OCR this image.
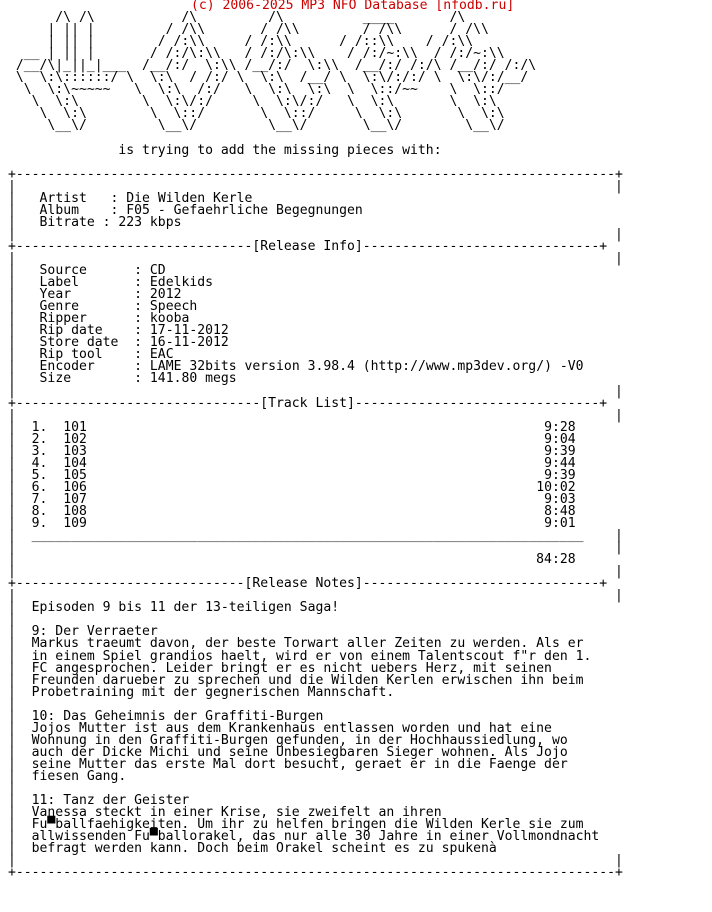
(c) 2006-2025 MP3 NFO Database [nfodb.ru]
/\ /\           /\         /\          ____       /\
| || |         / /\\       / /\\        / /\\      / /\\
| || |        / /:\\     / /:\\      / /::\\    / /:\\
__ | || |       / /:/\:\\   / /:/\:\\    / /:/~:\\  / /:/~:\\
/__/\|_||_|___  /__/:/  \:\\ /__/:/  \:\\  /__/:/ /:/\ /__/:/ /:/\
\  \:\::::::/ \  \:\  / /:/ \  \:\  /__/ \  \:\/:/:/ \  \:\/:/__/
\  \:\~~~~~   \  \:\  /:/   \  \:\  \:\  \  \::/~~    \  \::/
\  \:\        \  \:\/:/     \  \:\/:/   \  \:\       \  \:\
\  \:\        \  \::/       \  \::/     \  \:\       \  \:\
\__\/         \__\/         \__\/       \__\/        \__\/

is trying to add the missing pieces with:

+----------------------------------------------------------------------------+
|                                                                            |
|   Artist   : Die Wilden Kerle
|   Album    : F05 - Gefaehrliche Begegnungen
|   Bitrate : 223 kbps
|                                                                            |
+------------------------------[Release Info]------------------------------+
|                                                                            |
|   Source      : CD
|   Label       : Edelkids
|   Year        : 2012
|   Genre       : Speech
|   Ripper      : kooba
|   Rip date    : 17-11-2012
|   Store date  : 16-11-2012
|   Rip tool    : EAC
|   Encoder     : LAME 32bits version 3.98.4 (http://www.mp3dev.org/) -V0
|   Size        : 141.80 megs
|                                                                            |
+-------------------------------[Track List]-------------------------------+
|                                                                            |
|  1. 101	9:28
|  2. 102	9:04
|  3. 103	9:39
|  4. 104	9:44
|  5. 105	9:39
|  6. 106	10:02
|  7. 107	9:03
|  8. 108	8:48
|  9. 109	9:01
|  ______________________________________________________________________    |
|                                                                            |
|                                                                  84:28
|                                                                            |
+-----------------------------[Release Notes]------------------------------+
|                                                                            |
|  Episoden 9 bis 11 der 13-teiligen Saga!
|
|  9: Der Verraeter
|  Markus traeumt davon, der beste Torwart aller Zeiten zu werden. Als er
|  in einem Spiel grandios haelt, wird er von einem Talentscout f"r den 1.
|  FC angesprochen. Leider bringt er es nicht uebers Herz, mit seinen
|  Freunden darueber zu sprechen und die Wilden Kerlen erwischen ihn beim
|  Probetraining mit der gegnerischen Mannschaft.
|
|  10: Das Geheimnis der Graffiti-Burgen
|  Jojos Mutter ist aus dem Krankenhaus entlassen worden und hat eine
|  Wohnung in den Graffiti-Burgen gefunden, in der Hochhaussiedlung, wo
|  auch der Dicke Michi und seine Unbesiegbaren Sieger wohnen. Als Jojo
|  seine Mutter das erste Mal dort besucht, geraet er in die Faenge der
|  fiesen Gang.
|
|  11: Tanz der Geister
|  Vanessa steckt in einer Krise, sie zweifelt an ihren
|  Fu▀ballfaehigkeiten. Um ihr zu helfen bringen die Wilden Kerle sie zum
|  allwissenden Fu▀ballorakel, das nur alle 30 Jahre in einer Vollmondnacht
|  befragt werden kann. Doch beim Orakel scheint es zu spukenà
|                                                                            |
+----------------------------------------------------------------------------+
